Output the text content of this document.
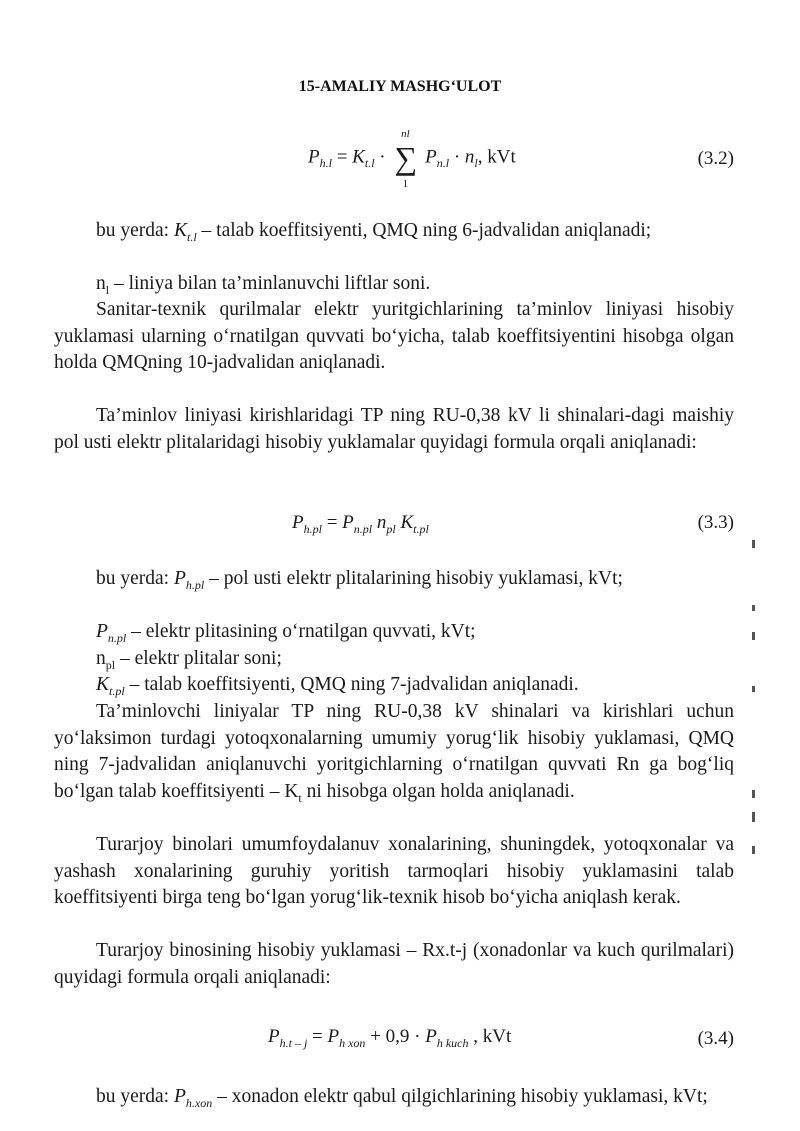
15-AMALIY MASHG‘ULOT
$P_{h.l} = K_{t.l}$ ·
nl
∑
1
$P_{n.l} \cdot n_l$, kVt	(3.2)

bu yerda: $K_{t.l}$ – talab koeffitsiyenti, QMQ ning 6-jadvalidan aniqlanadi;

$n_l$ – liniya bilan ta’minlanuvchi liftlar soni.

Sanitar-texnik qurilmalar elektr yuritgichlarining ta’minlov liniyasi hisobiy yuklamasi ularning o‘rnatilgan quvvati bo‘yicha, talab koeffitsiyentini hisobga olgan holda QMQning 10-jadvalidan aniqlanadi.

Ta’minlov liniyasi kirishlaridagi TP ning RU-0,38 kV li shinalari-dagi maishiy pol usti elektr plitalaridagi hisobiy yuklamalar quyidagi formula orqali aniqlanadi:

$P_{h.pl} = P_{n.pl}$ $n_{pl}$ $K_{t.pl}$	(3.3)

bu yerda: $P_{h.pl}$ – pol usti elektr plitalarining hisobiy yuklamasi, kVt;

$P_{n.pl}$ – elektr plitasining o‘rnatilgan quvvati, kVt;

$n_{pl}$ – elektr plitalar soni;

$K_{t.pl}$ – talab koeffitsiyenti, QMQ ning 7-jadvalidan aniqlanadi.

Ta’minlovchi liniyalar TP ning RU-0,38 kV shinalari va kirishlari uchun yo‘laksimon turdagi yotoqxonalarning umumiy yorug‘lik hisobiy yuklamasi, QMQ ning 7-jadvalidan aniqlanuvchi yoritgichlarning o‘rnatilgan quvvati Rn ga bog‘liq bo‘lgan talab koeffitsiyenti – $K_t$ ni hisobga olgan holda aniqlanadi.

Turarjoy binolari umumfoydalanuv xonalarining, shuningdek, yotoqxonalar va yashash xonalarining guruhiy yoritish tarmoqlari hisobiy yuklamasini talab koeffitsiyenti birga teng bo‘lgan yorug‘lik-texnik hisob bo‘yicha aniqlash kerak.

Turarjoy binosining hisobiy yuklamasi – Rx.t-j (xonadonlar va kuch qurilmalari) quyidagi formula orqali aniqlanadi:

$P_{h.t - j} = P_{h xon} + 0,9 \cdot P_{h kuch}$ , kVt	(3.4)

bu yerda: $P_{h.xon}$ – xonadon elektr qabul qilgichlarining hisobiy yuklamasi, kVt;
